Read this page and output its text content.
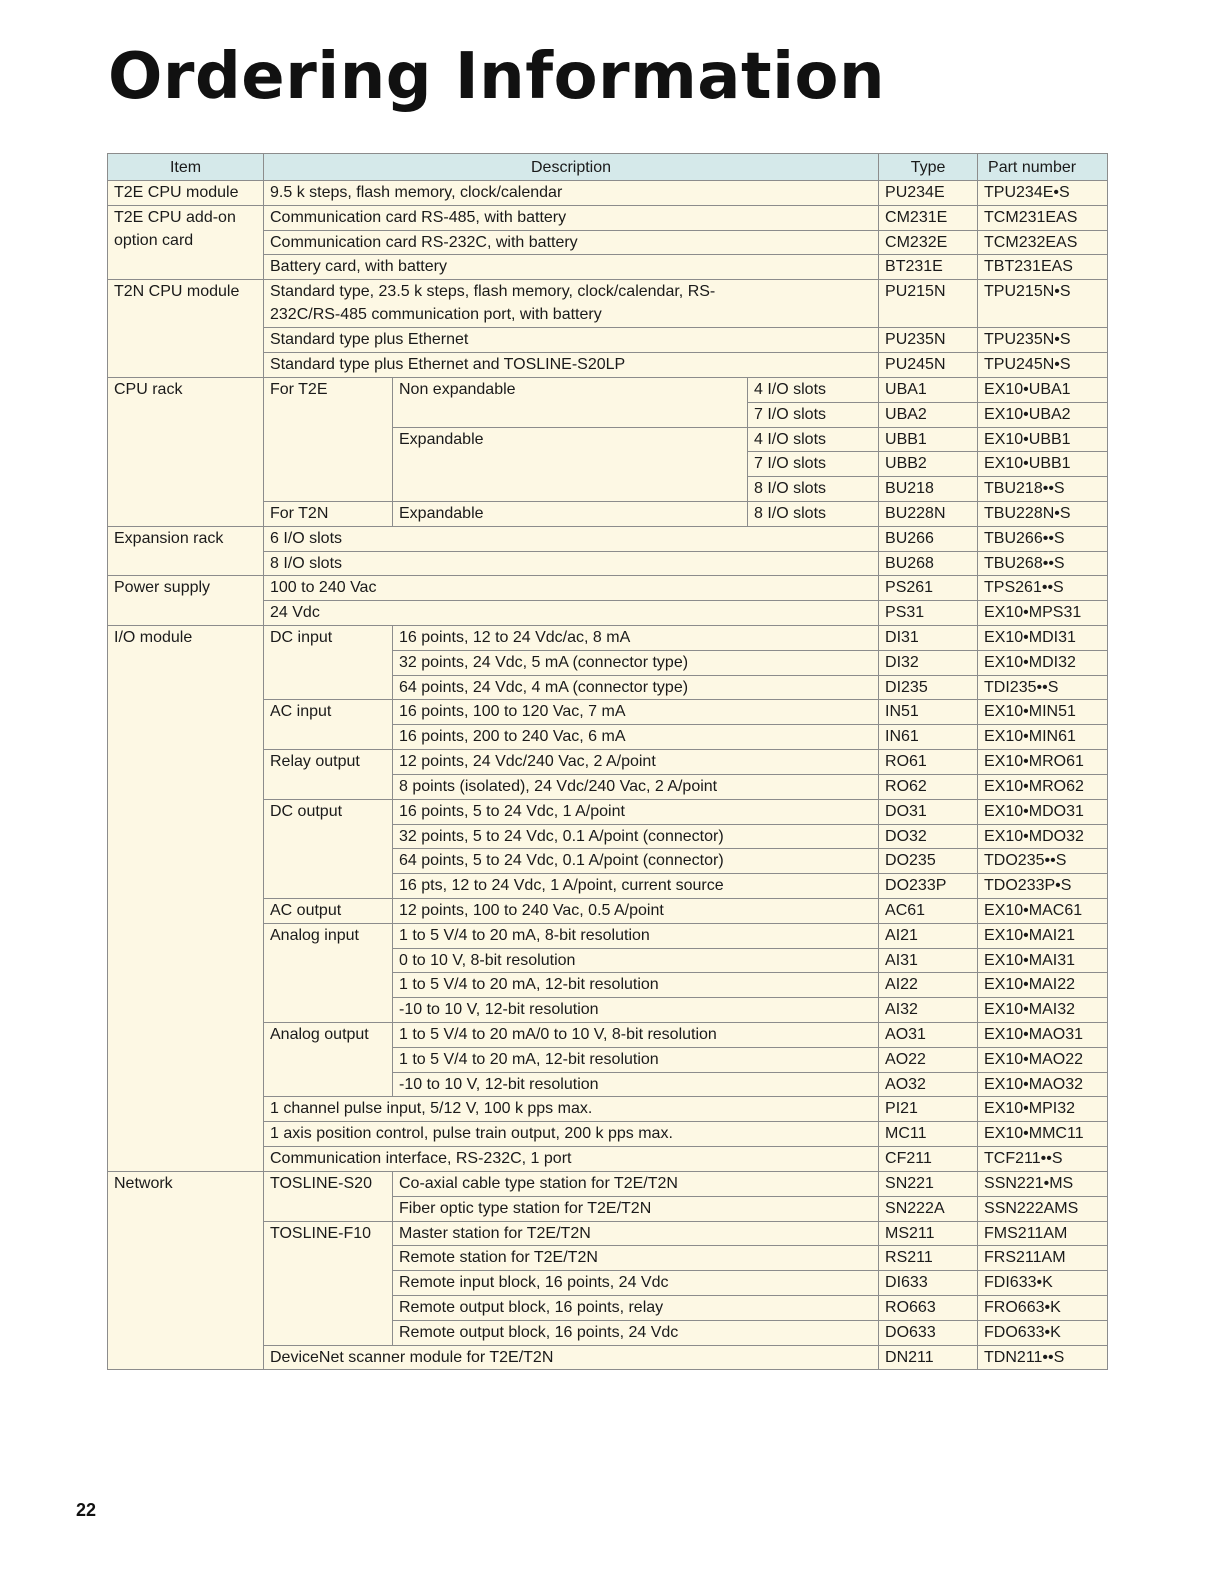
Ordering Information
Item	Description			Type	Part number
T2E CPU module	9.5 k steps, flash memory, clock/calendar			PU234E	TPU234E•S
T2E CPU add-on option card	Communication card RS-485, with battery			CM231E	TCM231EAS
	Communication card RS-232C, with battery			CM232E	TCM232EAS
	Battery card, with battery			BT231E	TBT231EAS
T2N CPU module	Standard type, 23.5 k steps, flash memory, clock/calendar, RS-232C/RS-485 communication port, with battery			PU215N	TPU215N•S
	Standard type plus Ethernet			PU235N	TPU235N•S
	Standard type plus Ethernet and TOSLINE-S20LP			PU245N	TPU245N•S
CPU rack	For T2E	Non expandable	4 I/O slots	UBA1	EX10•UBA1
			7 I/O slots	UBA2	EX10•UBA2
		Expandable	4 I/O slots	UBB1	EX10•UBB1
			7 I/O slots	UBB2	EX10•UBB1
			8 I/O slots	BU218	TBU218••S
	For T2N	Expandable	8 I/O slots	BU228N	TBU228N•S
Expansion rack	6 I/O slots			BU266	TBU266••S
	8 I/O slots			BU268	TBU268••S
Power supply	100 to 240 Vac			PS261	TPS261••S
	24 Vdc			PS31	EX10•MPS31
I/O module	DC input	16 points, 12 to 24 Vdc/ac, 8 mA		DI31	EX10•MDI31
		32 points, 24 Vdc, 5 mA (connector type)		DI32	EX10•MDI32
		64 points, 24 Vdc, 4 mA (connector type)		DI235	TDI235••S
	AC input	16 points, 100 to 120 Vac, 7 mA		IN51	EX10•MIN51
		16 points, 200 to 240 Vac, 6 mA		IN61	EX10•MIN61
	Relay output	12 points, 24 Vdc/240 Vac, 2 A/point		RO61	EX10•MRO61
		8 points (isolated), 24 Vdc/240 Vac, 2 A/point		RO62	EX10•MRO62
	DC output	16 points, 5 to 24 Vdc, 1 A/point		DO31	EX10•MDO31
		32 points, 5 to 24 Vdc, 0.1 A/point (connector)		DO32	EX10•MDO32
		64 points, 5 to 24 Vdc, 0.1 A/point (connector)		DO235	TDO235••S
		16 pts, 12 to 24 Vdc, 1 A/point, current source		DO233P	TDO233P•S
	AC output	12 points, 100 to 240 Vac, 0.5 A/point		AC61	EX10•MAC61
	Analog input	1 to 5 V/4 to 20 mA, 8-bit resolution		AI21	EX10•MAI21
		0 to 10 V, 8-bit resolution		AI31	EX10•MAI31
		1 to 5 V/4 to 20 mA, 12-bit resolution		AI22	EX10•MAI22
		-10 to 10 V, 12-bit resolution		AI32	EX10•MAI32
	Analog output	1 to 5 V/4 to 20 mA/0 to 10 V, 8-bit resolution		AO31	EX10•MAO31
		1 to 5 V/4 to 20 mA, 12-bit resolution		AO22	EX10•MAO22
		-10 to 10 V, 12-bit resolution		AO32	EX10•MAO32
	1 channel pulse input, 5/12 V, 100 k pps max.			PI21	EX10•MPI32
	1 axis position control, pulse train output, 200 k pps max.			MC11	EX10•MMC11
	Communication interface, RS-232C, 1 port			CF211	TCF211••S
Network	TOSLINE-S20	Co-axial cable type station for T2E/T2N		SN221	SSN221•MS
		Fiber optic type station for T2E/T2N		SN222A	SSN222AMS
	TOSLINE-F10	Master station for T2E/T2N		MS211	FMS211AM
		Remote station for T2E/T2N		RS211	FRS211AM
		Remote input block, 16 points, 24 Vdc		DI633	FDI633•K
		Remote output block, 16 points, relay		RO663	FRO663•K
		Remote output block, 16 points, 24 Vdc		DO633	FDO633•K
	DeviceNet scanner module for T2E/T2N			DN211	TDN211••S
22
